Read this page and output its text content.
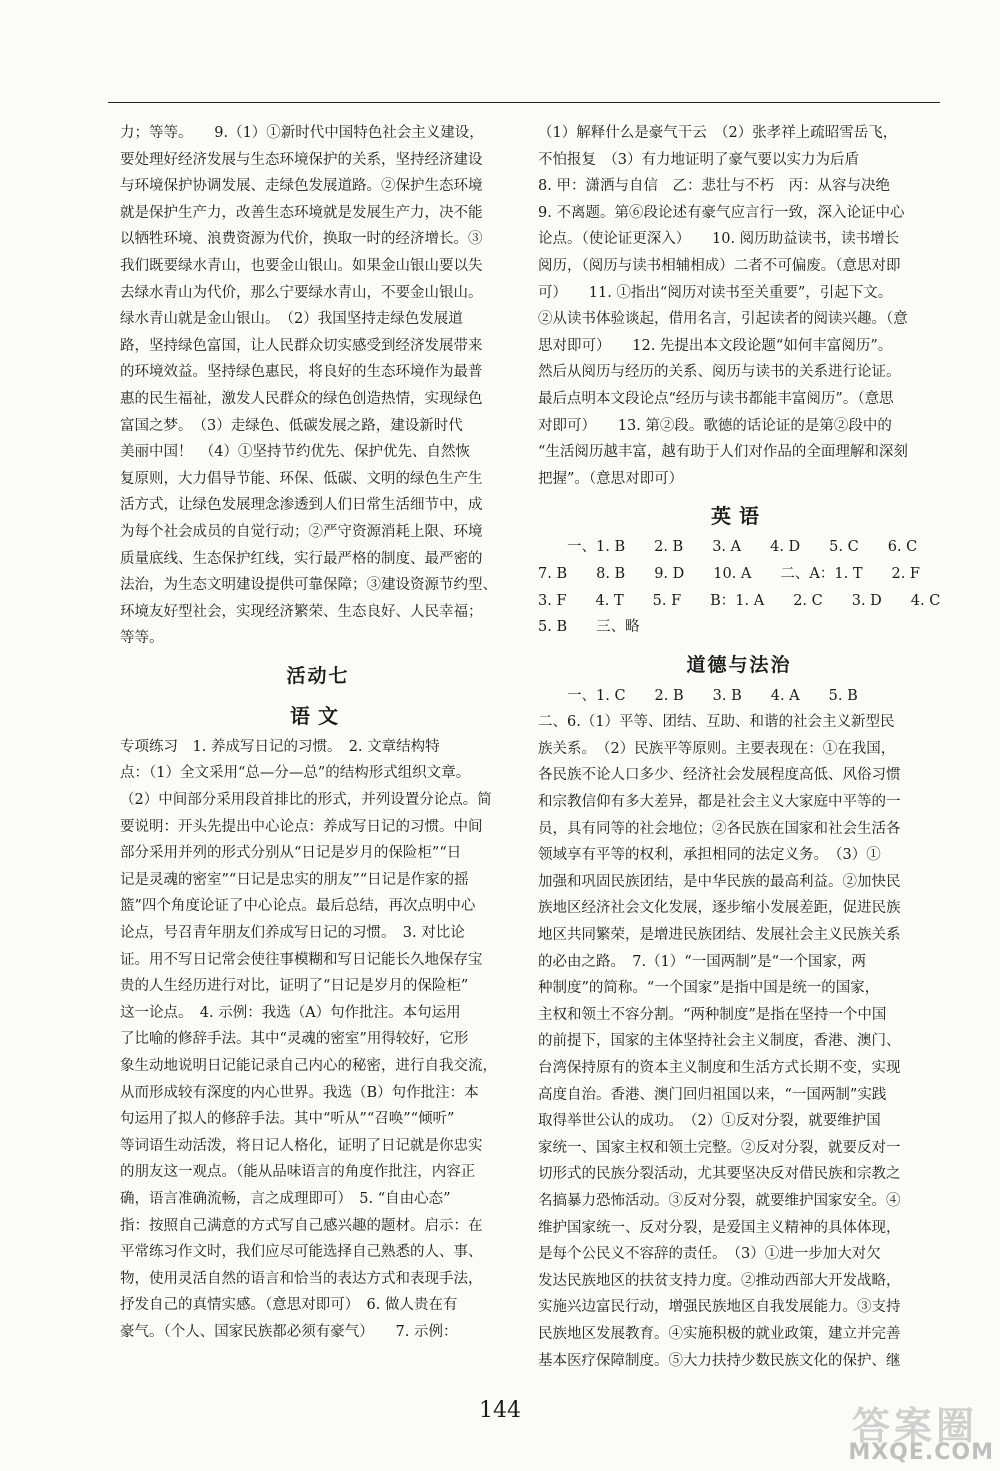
力；等等。　　9.（1）①新时代中国特色社会主义建设，
要处理好经济发展与生态环境保护的关系，坚持经济建设
与环境保护协调发展、走绿色发展道路。②保护生态环境
就是保护生产力，改善生态环境就是发展生产力，决不能
以牺牲环境、浪费资源为代价，换取一时的经济增长。③
我们既要绿水青山，也要金山银山。如果金山银山要以失
去绿水青山为代价，那么宁要绿水青山，不要金山银山。
绿水青山就是金山银山。　（2）我国坚持走绿色发展道
路，坚持绿色富国，让人民群众切实感受到经济发展带来
的环境效益。坚持绿色惠民，将良好的生态环境作为最普
惠的民生福祉，激发人民群众的绿色创造热情，实现绿色
富国之梦。　（3）走绿色、低碳发展之路，建设新时代
美丽中国！　（4）①坚持节约优先、保护优先、自然恢
复原则，大力倡导节能、环保、低碳、文明的绿色生产生
活方式，让绿色发展理念渗透到人们日常生活细节中，成
为每个社会成员的自觉行动；②严守资源消耗上限、环境
质量底线、生态保护红线，实行最严格的制度、最严密的
法治，为生态文明建设提供可靠保障；③建设资源节约型、
环境友好型社会，实现经济繁荣、生态良好、人民幸福；
等等。
活动七
语文
专项练习　1. 养成写日记的习惯。　2. 文章结构特
点：（1）全文采用“总—分—总”的结构形式组织文章。
（2）中间部分采用段首排比的形式，并列设置分论点。简
要说明：开头先提出中心论点：养成写日记的习惯。中间
部分采用并列的形式分别从“日记是岁月的保险柜”“日
记是灵魂的密室”“日记是忠实的朋友”“日记是作家的摇
篮”四个角度论证了中心论点。最后总结，再次点明中心
论点，号召青年朋友们养成写日记的习惯。　3. 对比论
证。用不写日记常会使往事模糊和写日记能长久地保存宝
贵的人生经历进行对比，证明了“日记是岁月的保险柜”
这一论点。　4. 示例：我选（A）句作批注。本句运用
了比喻的修辞手法。其中“灵魂的密室”用得较好，它形
象生动地说明日记能记录自己内心的秘密，进行自我交流，
从而形成较有深度的内心世界。我选（B）句作批注：本
句运用了拟人的修辞手法。其中“听从”“召唤”“倾听”
等词语生动活泼，将日记人格化，证明了日记就是你忠实
的朋友这一观点。（能从品味语言的角度作批注，内容正
确，语言准确流畅，言之成理即可）　5. “自由心态”
指：按照自己满意的方式写自己感兴趣的题材。启示：在
平常练习作文时，我们应尽可能选择自己熟悉的人、事、
物，使用灵活自然的语言和恰当的表达方式和表现手法，
抒发自己的真情实感。（意思对即可）　6. 做人贵在有
豪气。（个人、国家民族都必须有豪气）　　7. 示例：
（1）解释什么是豪气干云　（2）张孝祥上疏昭雪岳飞，
不怕报复　（3）有力地证明了豪气要以实力为后盾
8. 甲：潇洒与自信　乙：悲壮与不朽　丙：从容与决绝
9. 不离题。第⑥段论述有豪气应言行一致，深入论证中心
论点。（使论证更深入）　　10. 阅历助益读书，读书增长
阅历，（阅历与读书相辅相成）二者不可偏废。（意思对即
可）　　11. ①指出“阅历对读书至关重要”，引起下文。
②从读书体验谈起，借用名言，引起读者的阅读兴趣。（意
思对即可）　　12. 先提出本文段论题“如何丰富阅历”。
然后从阅历与经历的关系、阅历与读书的关系进行论证。
最后点明本文段论点“经历与读书都能丰富阅历”。（意思
对即可）　　13. 第②段。歌德的话论证的是第②段中的
“生活阅历越丰富，越有助于人们对作品的全面理解和深刻
把握”。（意思对即可）
英语
　　一、1. B　　2. B　　3. A　　4. D　　5. C　　6. C
7. B　　8. B　　9. D　　10. A　　二、A：1. T　　2. F
3. F　　4. T　　5. F　　B：1. A　　2. C　　3. D　　4. C
5. B　　三、略
道德与法治
　　一、1. C　　2. B　　3. B　　4. A　　5. B
二、6.（1）平等、团结、互助、和谐的社会主义新型民
族关系。　（2）民族平等原则。主要表现在：①在我国，
各民族不论人口多少、经济社会发展程度高低、风俗习惯
和宗教信仰有多大差异，都是社会主义大家庭中平等的一
员，具有同等的社会地位；②各民族在国家和社会生活各
领域享有平等的权利，承担相同的法定义务。　（3）①
加强和巩固民族团结，是中华民族的最高利益。②加快民
族地区经济社会文化发展，逐步缩小发展差距，促进民族
地区共同繁荣，是增进民族团结、发展社会主义民族关系
的必由之路。　7.（1）“一国两制”是“一个国家，两
种制度”的简称。“一个国家”是指中国是统一的国家，
主权和领土不容分割。“两种制度”是指在坚持一个中国
的前提下，国家的主体坚持社会主义制度，香港、澳门、
台湾保持原有的资本主义制度和生活方式长期不变，实现
高度自治。香港、澳门回归祖国以来，“一国两制”实践
取得举世公认的成功。　（2）①反对分裂，就要维护国
家统一、国家主权和领土完整。②反对分裂，就要反对一
切形式的民族分裂活动，尤其要坚决反对借民族和宗教之
名搞暴力恐怖活动。③反对分裂，就要维护国家安全。④
维护国家统一、反对分裂，是爱国主义精神的具体体现，
是每个公民义不容辞的责任。　（3）①进一步加大对欠
发达民族地区的扶贫支持力度。②推动西部大开发战略，
实施兴边富民行动，增强民族地区自我发展能力。③支持
民族地区发展教育。④实施积极的就业政策，建立并完善
基本医疗保障制度。⑤大力扶持少数民族文化的保护、继
144	答案圈
MXQE.COM
